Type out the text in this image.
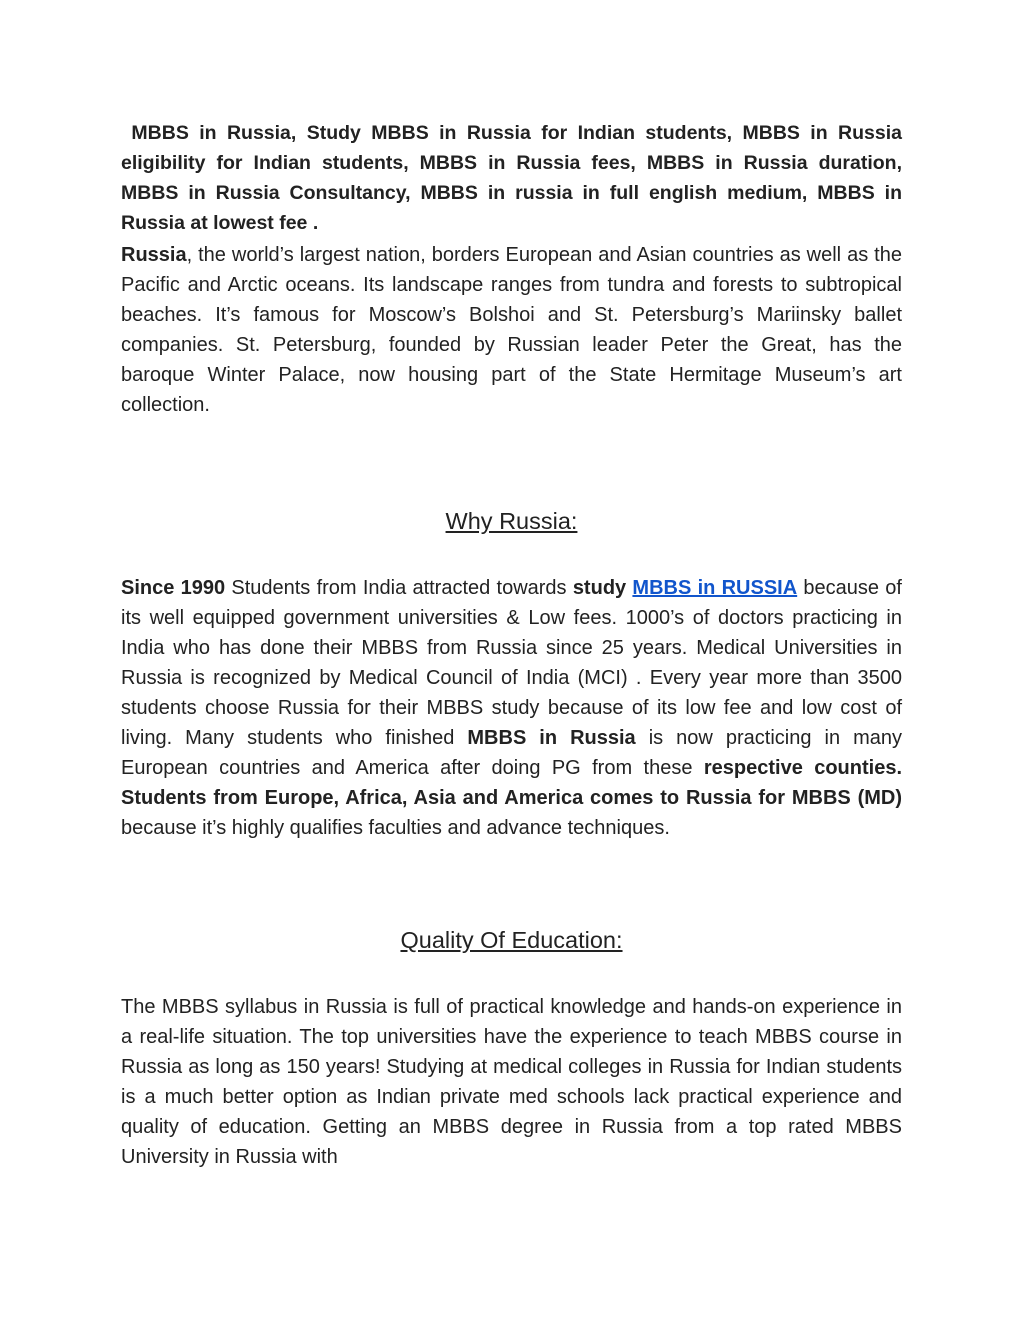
MBBS in Russia, Study MBBS in Russia for Indian students, MBBS in Russia eligibility for Indian students, MBBS in Russia fees, MBBS in Russia duration, MBBS in Russia Consultancy, MBBS in russia in full english medium, MBBS in Russia at lowest fee .

Russia, the world’s largest nation, borders European and Asian countries as well as the Pacific and Arctic oceans. Its landscape ranges from tundra and forests to subtropical beaches. It’s famous for Moscow’s Bolshoi and St. Petersburg’s Mariinsky ballet companies. St. Petersburg, founded by Russian leader Peter the Great, has the baroque Winter Palace, now housing part of the State Hermitage Museum’s art collection.

Why Russia:

Since 1990 Students from India attracted towards study MBBS in RUSSIA because of its well equipped government universities & Low fees. 1000’s of doctors practicing in India who has done their MBBS from Russia since 25 years. Medical Universities in Russia is recognized by Medical Council of India (MCI) . Every year more than 3500 students choose Russia for their MBBS study because of its low fee and low cost of living. Many students who finished MBBS in Russia is now practicing in many European countries and America after doing PG from these respective counties. Students from Europe, Africa, Asia and America comes to Russia for MBBS (MD) because it’s highly qualifies faculties and advance techniques.

Quality Of Education:

The MBBS syllabus in Russia is full of practical knowledge and hands-on experience in a real-life situation. The top universities have the experience to teach MBBS course in Russia as long as 150 years! Studying at medical colleges in Russia for Indian students is a much better option as Indian private med schools lack practical experience and quality of education. Getting an MBBS degree in Russia from a top rated MBBS University in Russia with
